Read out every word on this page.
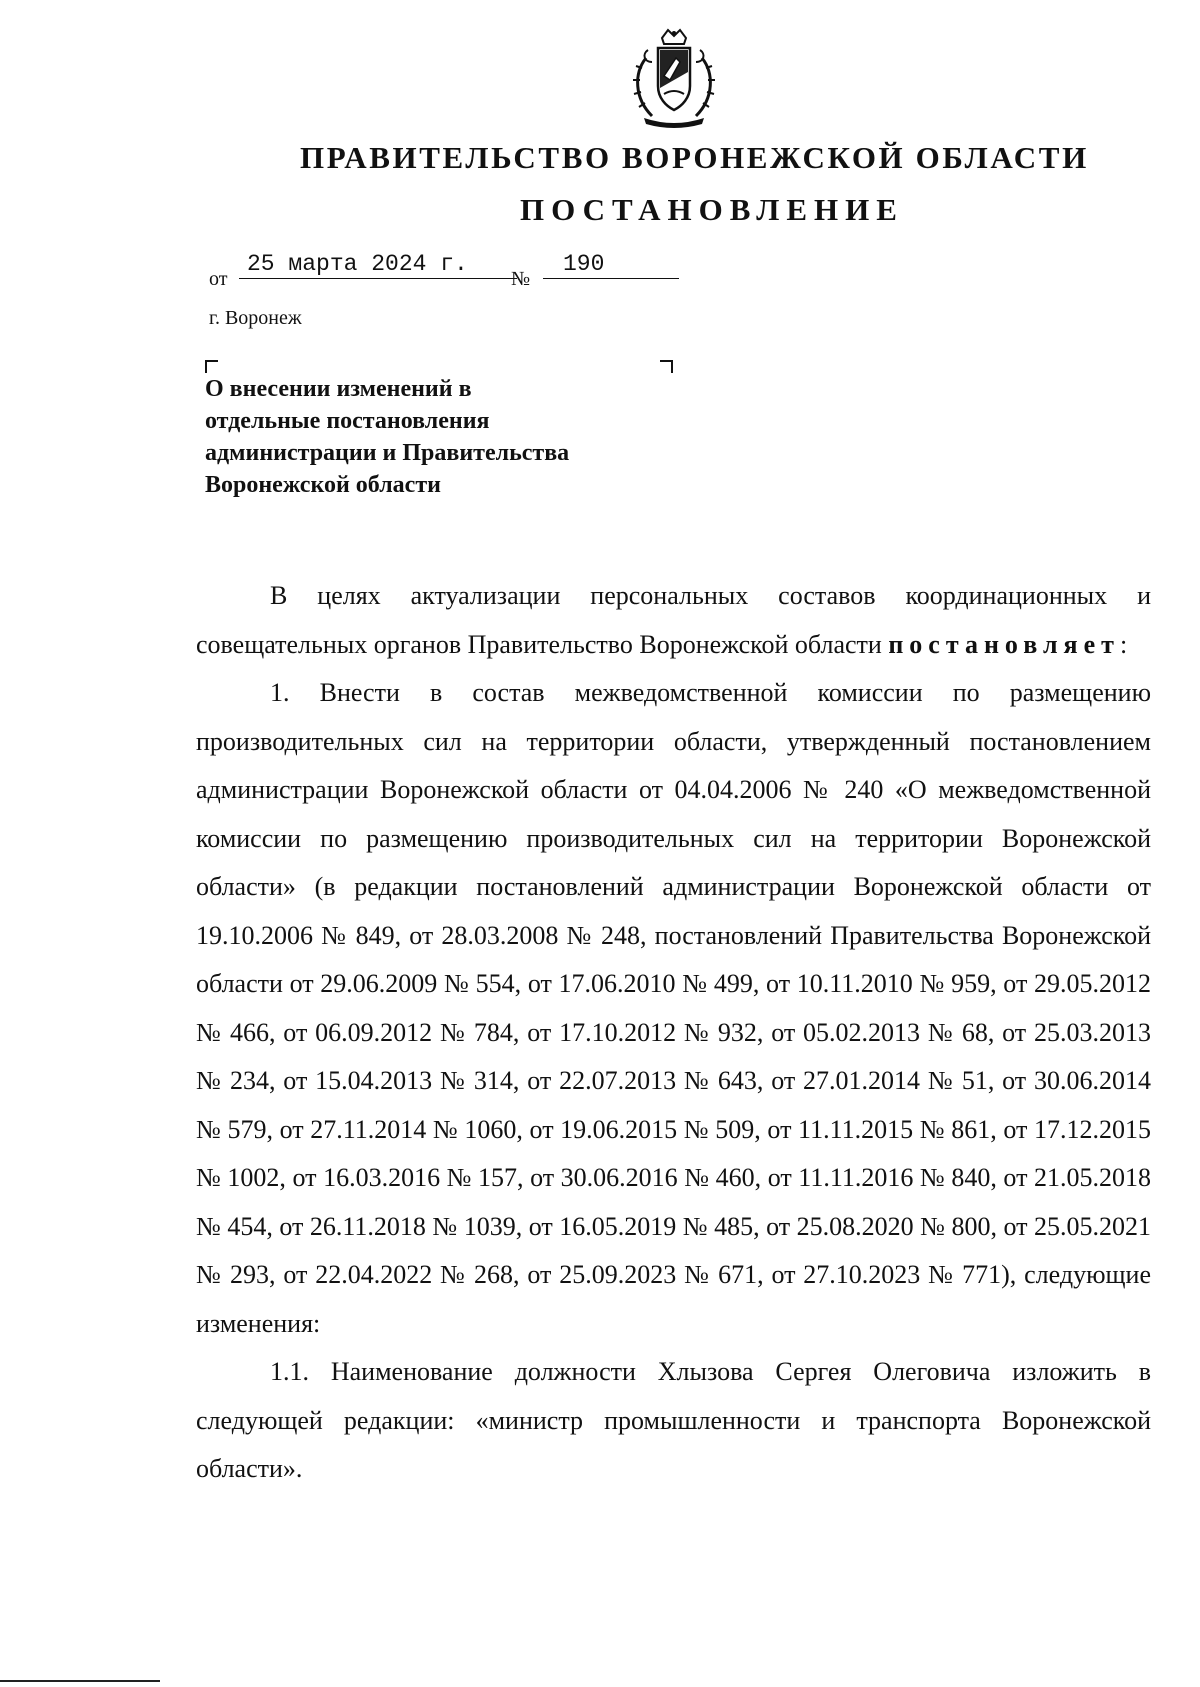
ПРАВИТЕЛЬСТВО ВОРОНЕЖСКОЙ ОБЛАСТИ
ПОСТАНОВЛЕНИЕ
от
25 марта 2024 г.
№
190
г. Воронеж
О внесении изменений в
отдельные постановления
администрации и Правительства
Воронежской области

В целях актуализации персональных составов координационных и совещательных органов Правительство Воронежской области постановляет:

1. Внести в состав межведомственной комиссии по размещению производительных сил на территории области, утвержденный постановлением администрации Воронежской области от 04.04.2006 № 240 «О межведомственной комиссии по размещению производительных сил на территории Воронежской области» (в редакции постановлений администрации Воронежской области от 19.10.2006 № 849, от 28.03.2008 № 248, постановлений Правительства Воронежской области от 29.06.2009 № 554, от 17.06.2010 № 499, от 10.11.2010 № 959, от 29.05.2012 № 466, от 06.09.2012 № 784, от 17.10.2012 № 932, от 05.02.2013 № 68, от 25.03.2013 № 234, от 15.04.2013 № 314, от 22.07.2013 № 643, от 27.01.2014 № 51, от 30.06.2014 № 579, от 27.11.2014 № 1060, от 19.06.2015 № 509, от 11.11.2015 № 861, от 17.12.2015 № 1002, от 16.03.2016 № 157, от 30.06.2016 № 460, от 11.11.2016 № 840, от 21.05.2018 № 454, от 26.11.2018 № 1039, от 16.05.2019 № 485, от 25.08.2020 № 800, от 25.05.2021 № 293, от 22.04.2022 № 268, от 25.09.2023 № 671, от 27.10.2023 № 771), следующие изменения:

1.1. Наименование должности Хлызова Сергея Олеговича изложить в следующей редакции: «министр промышленности и транспорта Воронежской области».
